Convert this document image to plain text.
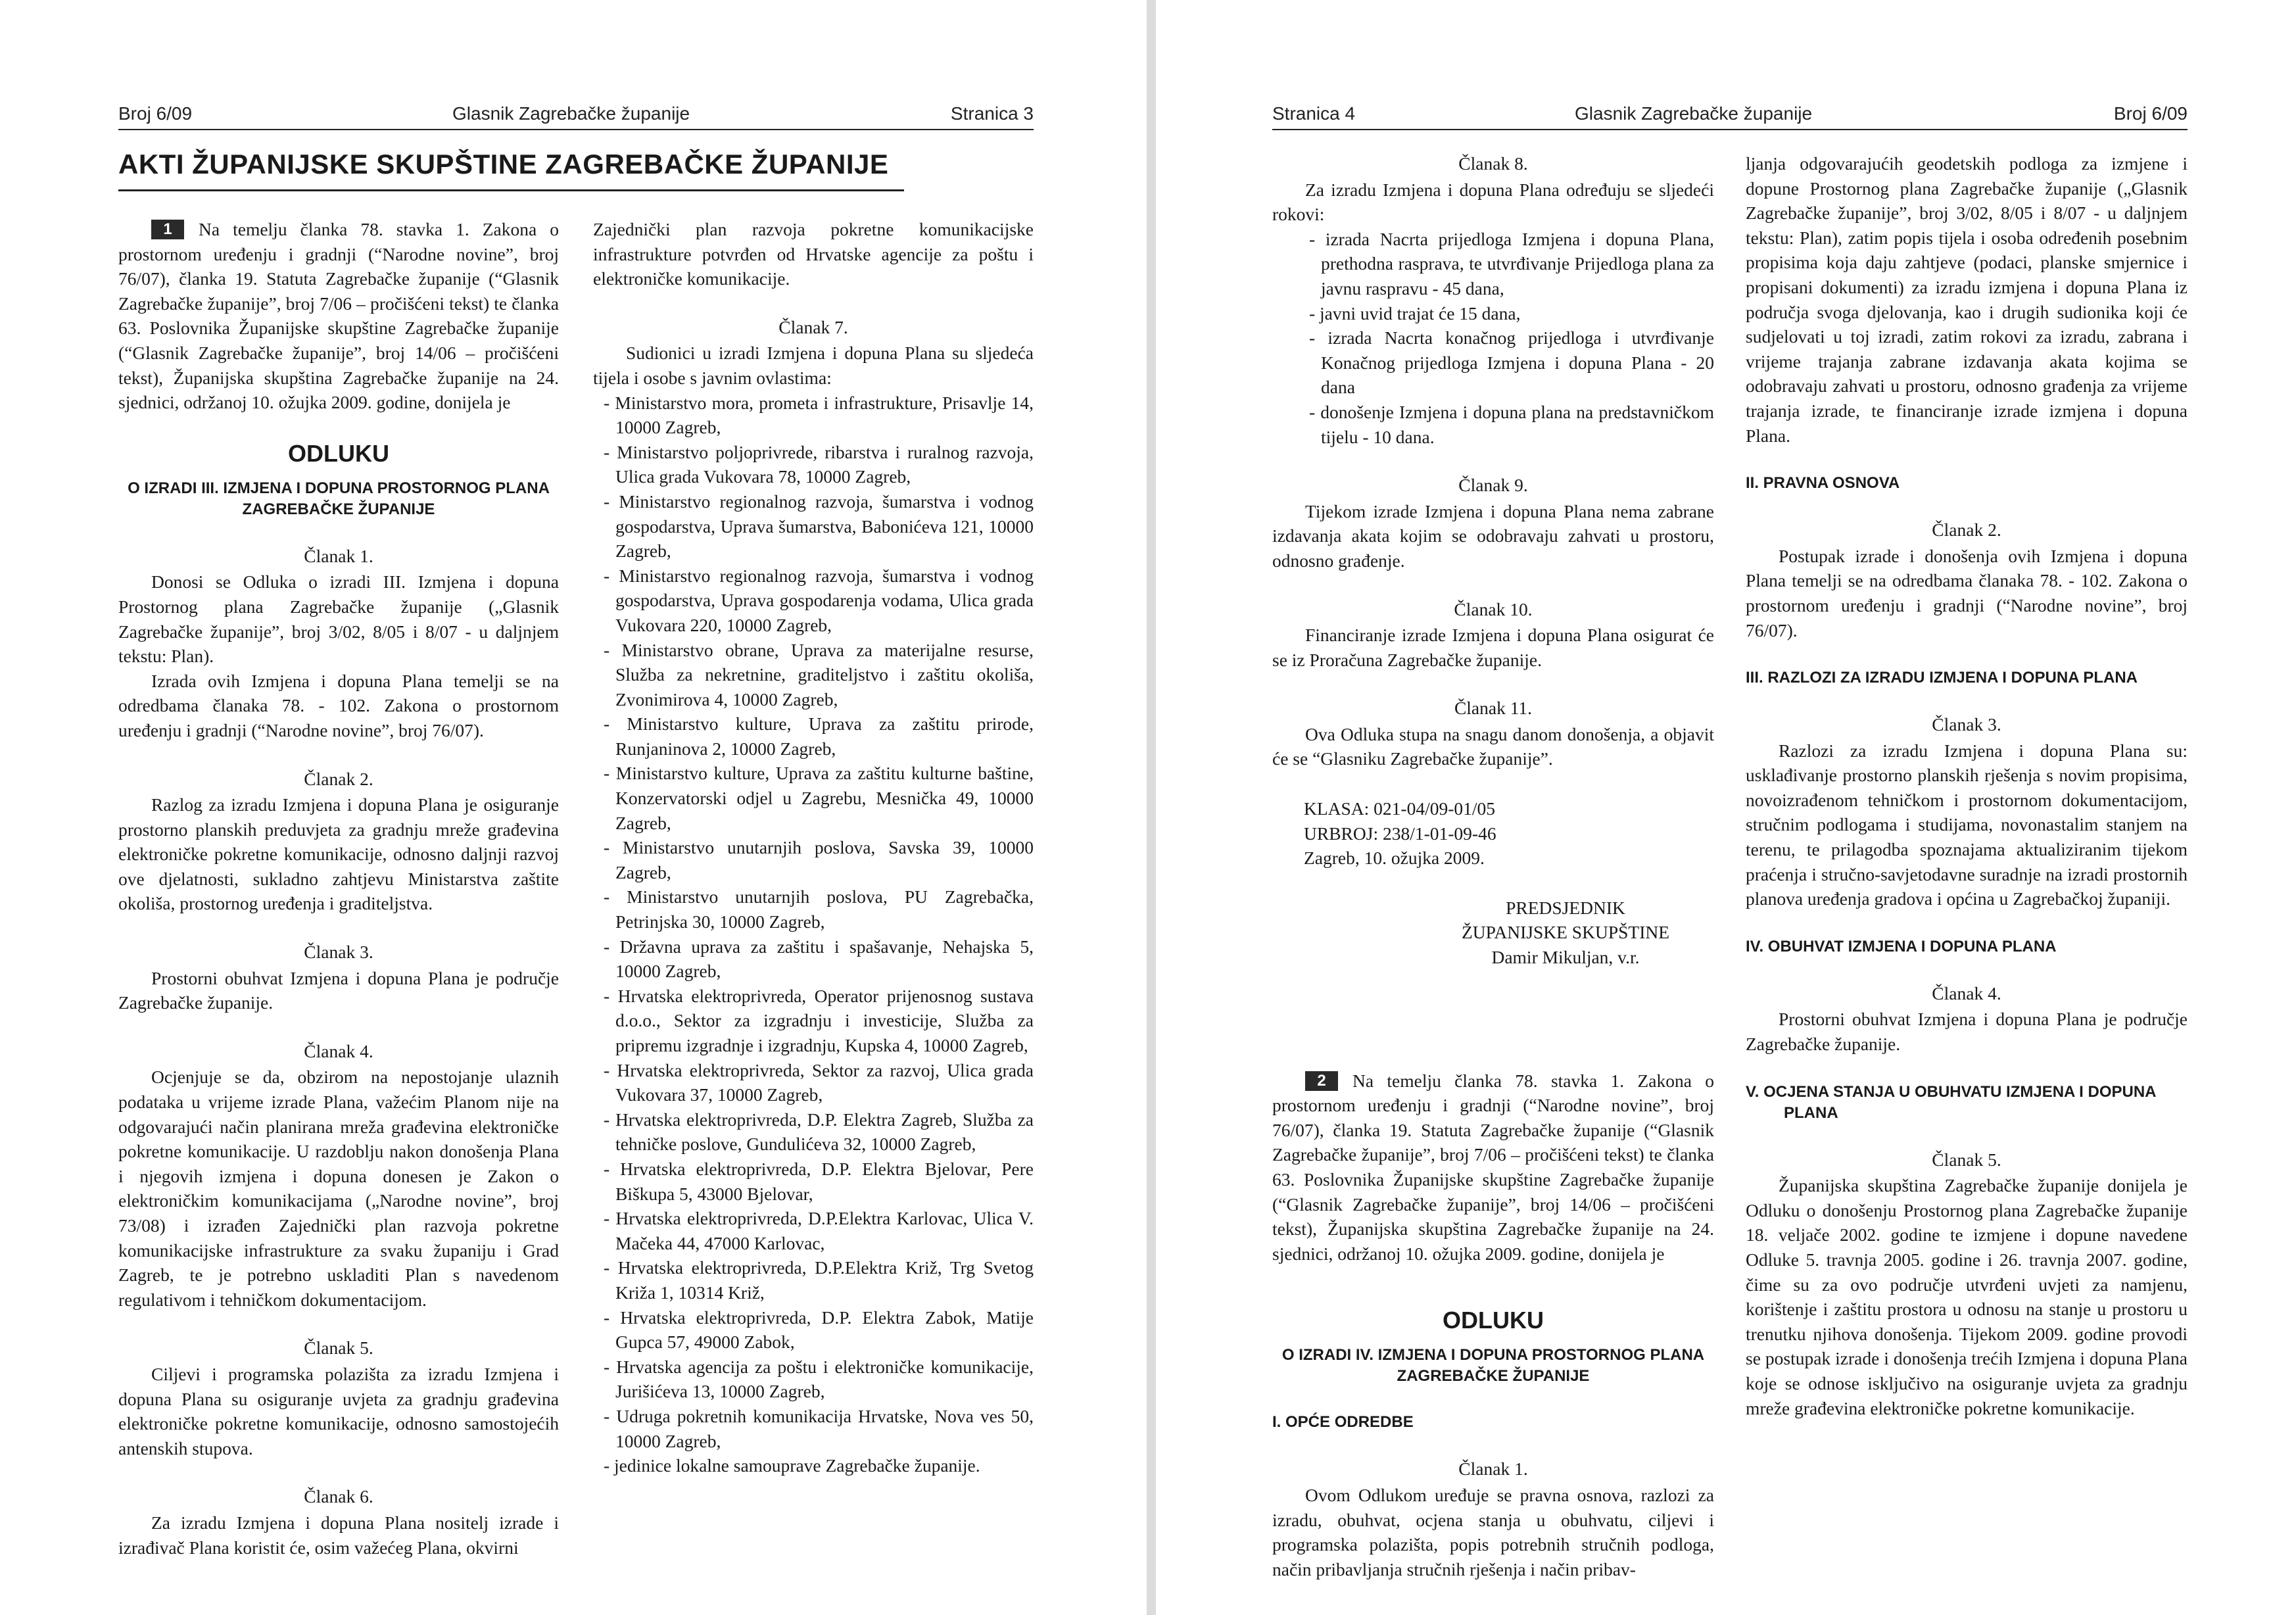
Broj 6/09	Glasnik Zagrebačke županije	Stranica 3
AKTI ŽUPANIJSKE SKUPŠTINE ZAGREBAČKE ŽUPANIJE

1 Na temelju članka 78. stavka 1. Zakona o prostornom uređenju i gradnji (“Narodne novine”, broj 76/07), članka 19. Statuta Zagrebačke županije (“Glasnik Zagrebačke županije”, broj 7/06 – pročišćeni tekst) te članka 63. Poslovnika Županijske skupštine Zagrebačke županije (“Glasnik Zagrebačke županije”, broj 14/06 – pročišćeni tekst), Županijska skupština Zagrebačke županije na 24. sjednici, održanoj 10. ožujka 2009. godine, donijela je

ODLUKU

O IZRADI III. IZMJENA I DOPUNA PROSTORNOG PLANA ZAGREBAČKE ŽUPANIJE

Članak 1.

Donosi se Odluka o izradi III. Izmjena i dopuna Prostornog plana Zagrebačke županije („Glasnik Zagrebačke županije”, broj 3/02, 8/05 i 8/07 - u daljnjem tekstu: Plan).

Izrada ovih Izmjena i dopuna Plana temelji se na odredbama članaka 78. - 102. Zakona o prostornom uređenju i gradnji (“Narodne novine”, broj 76/07).

Članak 2.

Razlog za izradu Izmjena i dopuna Plana je osiguranje prostorno planskih preduvjeta za gradnju mreže građevina elektroničke pokretne komunikacije, odnosno daljnji razvoj ove djelatnosti, sukladno zahtjevu Ministarstva zaštite okoliša, prostornog uređenja i graditeljstva.

Članak 3.

Prostorni obuhvat Izmjena i dopuna Plana je područje Zagrebačke županije.

Članak 4.

Ocjenjuje se da, obzirom na nepostojanje ulaznih podataka u vrijeme izrade Plana, važećim Planom nije na odgovarajući način planirana mreža građevina elektroničke pokretne komunikacije. U razdoblju nakon donošenja Plana i njegovih izmjena i dopuna donesen je Zakon o elektroničkim komunikacijama („Narodne novine”, broj 73/08) i izrađen Zajednički plan razvoja pokretne komunikacijske infrastrukture za svaku županiju i Grad Zagreb, te je potrebno uskladiti Plan s navedenom regulativom i tehničkom dokumentacijom.

Članak 5.

Ciljevi i programska polazišta za izradu Izmjena i dopuna Plana su osiguranje uvjeta za gradnju građevina elektroničke pokretne komunikacije, odnosno samostojećih antenskih stupova.

Članak 6.

Za izradu Izmjena i dopuna Plana nositelj izrade i izrađivač Plana koristit će, osim važećeg Plana, okvirni

Zajednički plan razvoja pokretne komunikacijske infrastrukture potvrđen od Hrvatske agencije za poštu i elektroničke komunikacije.

Članak 7.

Sudionici u izradi Izmjena i dopuna Plana su sljedeća tijela i osobe s javnim ovlastima:

- Ministarstvo mora, prometa i infrastrukture, Prisavlje 14, 10000 Zagreb,
- Ministarstvo poljoprivrede, ribarstva i ruralnog razvoja, Ulica grada Vukovara 78, 10000 Zagreb,
- Ministarstvo regionalnog razvoja, šumarstva i vodnog gospodarstva, Uprava šumarstva, Babonićeva 121, 10000 Zagreb,
- Ministarstvo regionalnog razvoja, šumarstva i vodnog gospodarstva, Uprava gospodarenja vodama, Ulica grada Vukovara 220, 10000 Zagreb,
- Ministarstvo obrane, Uprava za materijalne resurse, Služba za nekretnine, graditeljstvo i zaštitu okoliša, Zvonimirova 4, 10000 Zagreb,
- Ministarstvo kulture, Uprava za zaštitu prirode, Runjaninova 2, 10000 Zagreb,
- Ministarstvo kulture, Uprava za zaštitu kulturne baštine, Konzervatorski odjel u Zagrebu, Mesnička 49, 10000 Zagreb,
- Ministarstvo unutarnjih poslova, Savska 39, 10000 Zagreb,
- Ministarstvo unutarnjih poslova, PU Zagrebačka, Petrinjska 30, 10000 Zagreb,
- Državna uprava za zaštitu i spašavanje, Nehajska 5, 10000 Zagreb,
- Hrvatska elektroprivreda, Operator prijenosnog sustava d.o.o., Sektor za izgradnju i investicije, Služba za pripremu izgradnje i izgradnju, Kupska 4, 10000 Zagreb,
- Hrvatska elektroprivreda, Sektor za razvoj, Ulica grada Vukovara 37, 10000 Zagreb,
- Hrvatska elektroprivreda, D.P. Elektra Zagreb, Služba za tehničke poslove, Gundulićeva 32, 10000 Zagreb,
- Hrvatska elektroprivreda, D.P. Elektra Bjelovar, Pere Biškupa 5, 43000 Bjelovar,
- Hrvatska elektroprivreda, D.P.Elektra Karlovac, Ulica V. Mačeka 44, 47000 Karlovac,
- Hrvatska elektroprivreda, D.P.Elektra Križ, Trg Svetog Križa 1, 10314 Križ,
- Hrvatska elektroprivreda, D.P. Elektra Zabok, Matije Gupca 57, 49000 Zabok,
- Hrvatska agencija za poštu i elektroničke komunikacije, Jurišićeva 13, 10000 Zagreb,
- Udruga pokretnih komunikacija Hrvatske, Nova ves 50, 10000 Zagreb,
- jedinice lokalne samouprave Zagrebačke županije.
Stranica 4	Glasnik Zagrebačke županije	Broj 6/09

Članak 8.

Za izradu Izmjena i dopuna Plana određuju se sljedeći rokovi:

- izrada Nacrta prijedloga Izmjena i dopuna Plana, prethodna rasprava, te utvrđivanje Prijedloga plana za javnu raspravu - 45 dana,
- javni uvid trajat će 15 dana,
- izrada Nacrta konačnog prijedloga i utvrđivanje Konačnog prijedloga Izmjena i dopuna Plana - 20 dana
- donošenje Izmjena i dopuna plana na predstavničkom tijelu - 10 dana.

Članak 9.

Tijekom izrade Izmjena i dopuna Plana nema zabrane izdavanja akata kojim se odobravaju zahvati u prostoru, odnosno građenje.

Članak 10.

Financiranje izrade Izmjena i dopuna Plana osigurat će se iz Proračuna Zagrebačke županije.

Članak 11.

Ova Odluka stupa na snagu danom donošenja, a objavit će se “Glasniku Zagrebačke županije”.

KLASA: 021-04/09-01/05

URBROJ: 238/1-01-09-46

Zagreb, 10. ožujka 2009.

PREDSJEDNIK

ŽUPANIJSKE SKUPŠTINE

Damir Mikuljan, v.r.

2 Na temelju članka 78. stavka 1. Zakona o prostornom uređenju i gradnji (“Narodne novine”, broj 76/07), članka 19. Statuta Zagrebačke županije (“Glasnik Zagrebačke županije”, broj 7/06 – pročišćeni tekst) te članka 63. Poslovnika Županijske skupštine Zagrebačke županije (“Glasnik Zagrebačke županije”, broj 14/06 – pročišćeni tekst), Županijska skupština Zagrebačke županije na 24. sjednici, održanoj 10. ožujka 2009. godine, donijela je

ODLUKU

O IZRADI IV. IZMJENA I DOPUNA PROSTORNOG PLANA ZAGREBAČKE ŽUPANIJE

I. OPĆE ODREDBE

Članak 1.

Ovom Odlukom uređuje se pravna osnova, razlozi za izradu, obuhvat, ocjena stanja u obuhvatu, ciljevi i programska polazišta, popis potrebnih stručnih podloga, način pribavljanja stručnih rješenja i način pribav-

ljanja odgovarajućih geodetskih podloga za izmjene i dopune Prostornog plana Zagrebačke županije („Glasnik Zagrebačke županije”, broj 3/02, 8/05 i 8/07 - u daljnjem tekstu: Plan), zatim popis tijela i osoba određenih posebnim propisima koja daju zahtjeve (podaci, planske smjernice i propisani dokumenti) za izradu izmjena i dopuna Plana iz područja svoga djelovanja, kao i drugih sudionika koji će sudjelovati u toj izradi, zatim rokovi za izradu, zabrana i vrijeme trajanja zabrane izdavanja akata kojima se odobravaju zahvati u prostoru, odnosno građenja za vrijeme trajanja izrade, te financiranje izrade izmjena i dopuna Plana.

II. PRAVNA OSNOVA

Članak 2.

Postupak izrade i donošenja ovih Izmjena i dopuna Plana temelji se na odredbama članaka 78. - 102. Zakona o prostornom uređenju i gradnji (“Narodne novine”, broj 76/07).

III. RAZLOZI ZA IZRADU IZMJENA I DOPUNA PLANA

Članak 3.

Razlozi za izradu Izmjena i dopuna Plana su: usklađivanje prostorno planskih rješenja s novim propisima, novoizrađenom tehničkom i prostornom dokumentacijom, stručnim podlogama i studijama, novonastalim stanjem na terenu, te prilagodba spoznajama aktualiziranim tijekom praćenja i stručno-savjetodavne suradnje na izradi prostornih planova uređenja gradova i općina u Zagrebačkoj županiji.

IV. OBUHVAT IZMJENA I DOPUNA PLANA

Članak 4.

Prostorni obuhvat Izmjena i dopuna Plana je područje Zagrebačke županije.

V. OCJENA STANJA U OBUHVATU IZMJENA I DOPUNA PLANA

Članak 5.

Županijska skupština Zagrebačke županije donijela je Odluku o donošenju Prostornog plana Zagrebačke županije 18. veljače 2002. godine te izmjene i dopune navedene Odluke 5. travnja 2005. godine i 26. travnja 2007. godine, čime su za ovo područje utvrđeni uvjeti za namjenu, korištenje i zaštitu prostora u odnosu na stanje u prostoru u trenutku njihova donošenja. Tijekom 2009. godine provodi se postupak izrade i donošenja trećih Izmjena i dopuna Plana koje se odnose isključivo na osiguranje uvjeta za gradnju mreže građevina elektroničke pokretne komunikacije.
